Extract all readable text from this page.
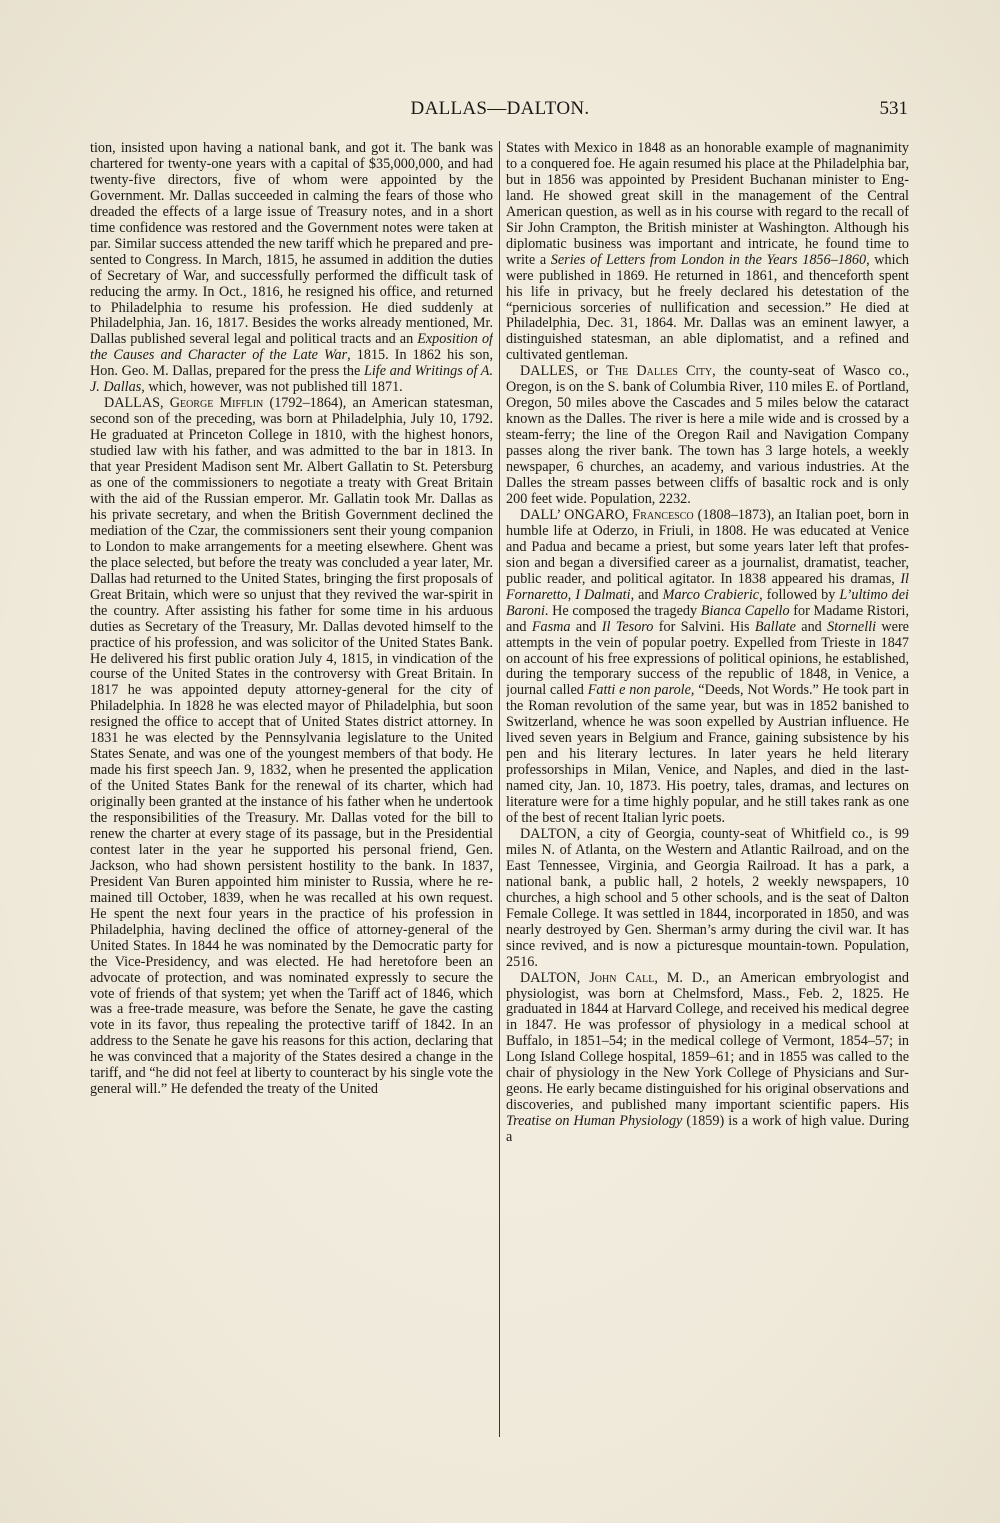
DALLAS—DALTON.	531

tion, insisted upon having a national bank, and got it. The bank was chartered for twenty-one years with a capital of $35,000,000, and had twenty-five directors, five of whom were appointed by the Government. Mr. Dallas succeeded in calming the fears of those who dreaded the effects of a large issue of Treasury notes, and in a short time confidence was restored and the Government notes were taken at par. Similar success attended the new tariff which he prepared and presented to Congress. In March, 1815, he assumed in addition the duties of Secretary of War, and successfully performed the difficult task of reducing the army. In Oct., 1816, he resigned his office, and returned to Philadelphia to resume his profession. He died suddenly at Philadelphia, Jan. 16, 1817. Besides the works already mentioned, Mr. Dallas published several legal and political tracts and an Exposition of the Causes and Character of the Late War, 1815. In 1862 his son, Hon. Geo. M. Dallas, prepared for the press the Life and Writings of A. J. Dallas, which, however, was not published till 1871.

DALLAS, George Mifflin (1792–1864), an American statesman, second son of the preceding, was born at Philadelphia, July 10, 1792. He graduated at Princeton College in 1810, with the highest honors, studied law with his father, and was admitted to the bar in 1813. In that year President Madison sent Mr. Albert Gallatin to St. Petersburg as one of the commissioners to negotiate a treaty with Great Britain with the aid of the Russian emperor. Mr. Gallatin took Mr. Dallas as his private secretary, and when the British Government declined the mediation of the Czar, the commissioners sent their young companion to London to make arrangements for a meeting elsewhere. Ghent was the place selected, but before the treaty was concluded a year later, Mr. Dallas had returned to the United States, bringing the first proposals of Great Britain, which were so unjust that they revived the war-spirit in the country. After assisting his father for some time in his arduous duties as Secretary of the Treasury, Mr. Dallas devoted himself to the practice of his profession, and was solicitor of the United States Bank. He delivered his first public oration July 4, 1815, in vindication of the course of the United States in the controversy with Great Britain. In 1817 he was appointed deputy attorney-general for the city of Philadelphia. In 1828 he was elected mayor of Philadelphia, but soon resigned the office to accept that of United States district attorney. In 1831 he was elected by the Pennsylvania legislature to the United States Senate, and was one of the youngest members of that body. He made his first speech Jan. 9, 1832, when he presented the application of the United States Bank for the renewal of its charter, which had originally been granted at the instance of his father when he undertook the responsibilities of the Treasury. Mr. Dallas voted for the bill to renew the charter at every stage of its passage, but in the Presidential contest later in the year he supported his personal friend, Gen. Jackson, who had shown persistent hostility to the bank. In 1837, President Van Buren appointed him minister to Russia, where he remained till October, 1839, when he was recalled at his own request. He spent the next four years in the practice of his profession in Philadelphia, having declined the office of attorney-general of the United States. In 1844 he was nominated by the Democratic party for the Vice-Presidency, and was elected. He had heretofore been an advocate of protection, and was nominated expressly to secure the vote of friends of that system; yet when the Tariff act of 1846, which was a free-trade measure, was before the Senate, he gave the casting vote in its favor, thus repealing the protective tariff of 1842. In an address to the Senate he gave his reasons for this action, declaring that he was convinced that a majority of the States desired a change in the tariff, and “he did not feel at liberty to counteract by his single vote the general will.” He defended the treaty of the United

States with Mexico in 1848 as an honorable example of magnanimity to a conquered foe. He again resumed his place at the Philadelphia bar, but in 1856 was appointed by President Buchanan minister to England. He showed great skill in the management of the Central American question, as well as in his course with regard to the recall of Sir John Crampton, the British minister at Washington. Although his diplomatic business was important and intricate, he found time to write a Series of Letters from London in the Years 1856–1860, which were published in 1869. He returned in 1861, and thenceforth spent his life in privacy, but he freely declared his detestation of the “pernicious sorceries of nullification and secession.” He died at Philadelphia, Dec. 31, 1864. Mr. Dallas was an eminent lawyer, a distinguished statesman, an able diplomatist, and a refined and cultivated gentleman.

DALLES, or The Dalles City, the county-seat of Wasco co., Oregon, is on the S. bank of Columbia River, 110 miles E. of Portland, Oregon, 50 miles above the Cascades and 5 miles below the cataract known as the Dalles. The river is here a mile wide and is crossed by a steam-ferry; the line of the Oregon Rail and Navigation Company passes along the river bank. The town has 3 large hotels, a weekly newspaper, 6 churches, an academy, and various industries. At the Dalles the stream passes between cliffs of basaltic rock and is only 200 feet wide. Population, 2232.

DALL’ ONGARO, Francesco (1808–1873), an Italian poet, born in humble life at Oderzo, in Friuli, in 1808. He was educated at Venice and Padua and became a priest, but some years later left that profession and began a diversified career as a journalist, dramatist, teacher, public reader, and political agitator. In 1838 appeared his dramas, Il Fornaretto, I Dalmati, and Marco Crabieric, followed by L’ultimo dei Baroni. He composed the tragedy Bianca Capello for Madame Ristori, and Fasma and Il Tesoro for Salvini. His Ballate and Stornelli were attempts in the vein of popular poetry. Expelled from Trieste in 1847 on account of his free expressions of political opinions, he established, during the temporary success of the republic of 1848, in Venice, a journal called Fatti e non parole, “Deeds, Not Words.” He took part in the Roman revolution of the same year, but was in 1852 banished to Switzerland, whence he was soon expelled by Austrian influence. He lived seven years in Belgium and France, gaining subsistence by his pen and his literary lectures. In later years he held literary professorships in Milan, Venice, and Naples, and died in the last-named city, Jan. 10, 1873. His poetry, tales, dramas, and lectures on literature were for a time highly popular, and he still takes rank as one of the best of recent Italian lyric poets.

DALTON, a city of Georgia, county-seat of Whitfield co., is 99 miles N. of Atlanta, on the Western and Atlantic Railroad, and on the East Tennessee, Virginia, and Georgia Railroad. It has a park, a national bank, a public hall, 2 hotels, 2 weekly newspapers, 10 churches, a high school and 5 other schools, and is the seat of Dalton Female College. It was settled in 1844, incorporated in 1850, and was nearly destroyed by Gen. Sherman’s army during the civil war. It has since revived, and is now a picturesque mountain-town. Population, 2516.

DALTON, John Call, M. D., an American embryologist and physiologist, was born at Chelmsford, Mass., Feb. 2, 1825. He graduated in 1844 at Harvard College, and received his medical degree in 1847. He was professor of physiology in a medical school at Buffalo, in 1851–54; in the medical college of Vermont, 1854–57; in Long Island College hospital, 1859–61; and in 1855 was called to the chair of physiology in the New York College of Physicians and Surgeons. He early became distinguished for his original observations and discoveries, and published many important scientific papers. His Treatise on Human Physiology (1859) is a work of high value. During a
